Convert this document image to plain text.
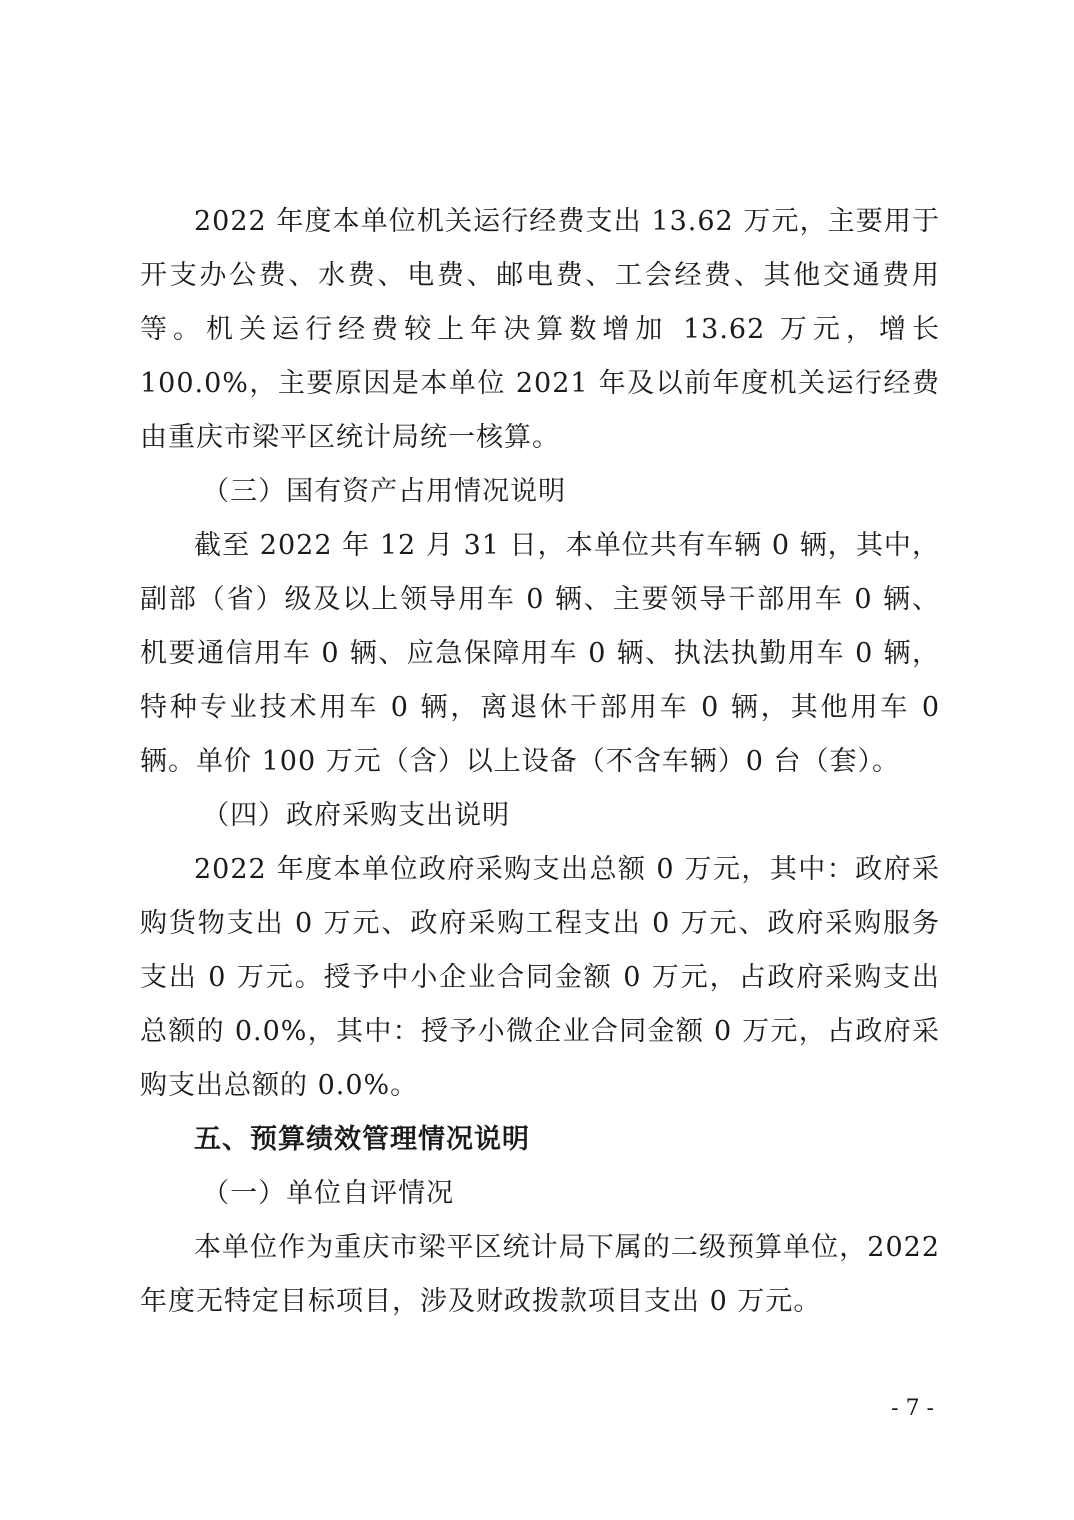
2022 年度本单位机关运行经费支出 13.62 万元，主要用于开支办公费、水费、电费、邮电费、工会经费、其他交通费用等。机关运行经费较上年决算数增加 13.62 万元，增长 100.0%，主要原因是本单位 2021 年及以前年度机关运行经费由重庆市梁平区统计局统一核算。

（三）国有资产占用情况说明

截至 2022 年 12 月 31 日，本单位共有车辆 0 辆，其中，副部（省）级及以上领导用车 0 辆、主要领导干部用车 0 辆、机要通信用车 0 辆、应急保障用车 0 辆、执法执勤用车 0 辆，特种专业技术用车 0 辆，离退休干部用车 0 辆，其他用车 0 辆。单价 100 万元（含）以上设备（不含车辆）0 台（套）。

（四）政府采购支出说明

2022 年度本单位政府采购支出总额 0 万元，其中：政府采购货物支出 0 万元、政府采购工程支出 0 万元、政府采购服务支出 0 万元。授予中小企业合同金额 0 万元，占政府采购支出总额的 0.0%，其中：授予小微企业合同金额 0 万元，占政府采购支出总额的 0.0%。

五、预算绩效管理情况说明

（一）单位自评情况

本单位作为重庆市梁平区统计局下属的二级预算单位，2022 年度无特定目标项目，涉及财政拨款项目支出 0 万元。

- 7 -
